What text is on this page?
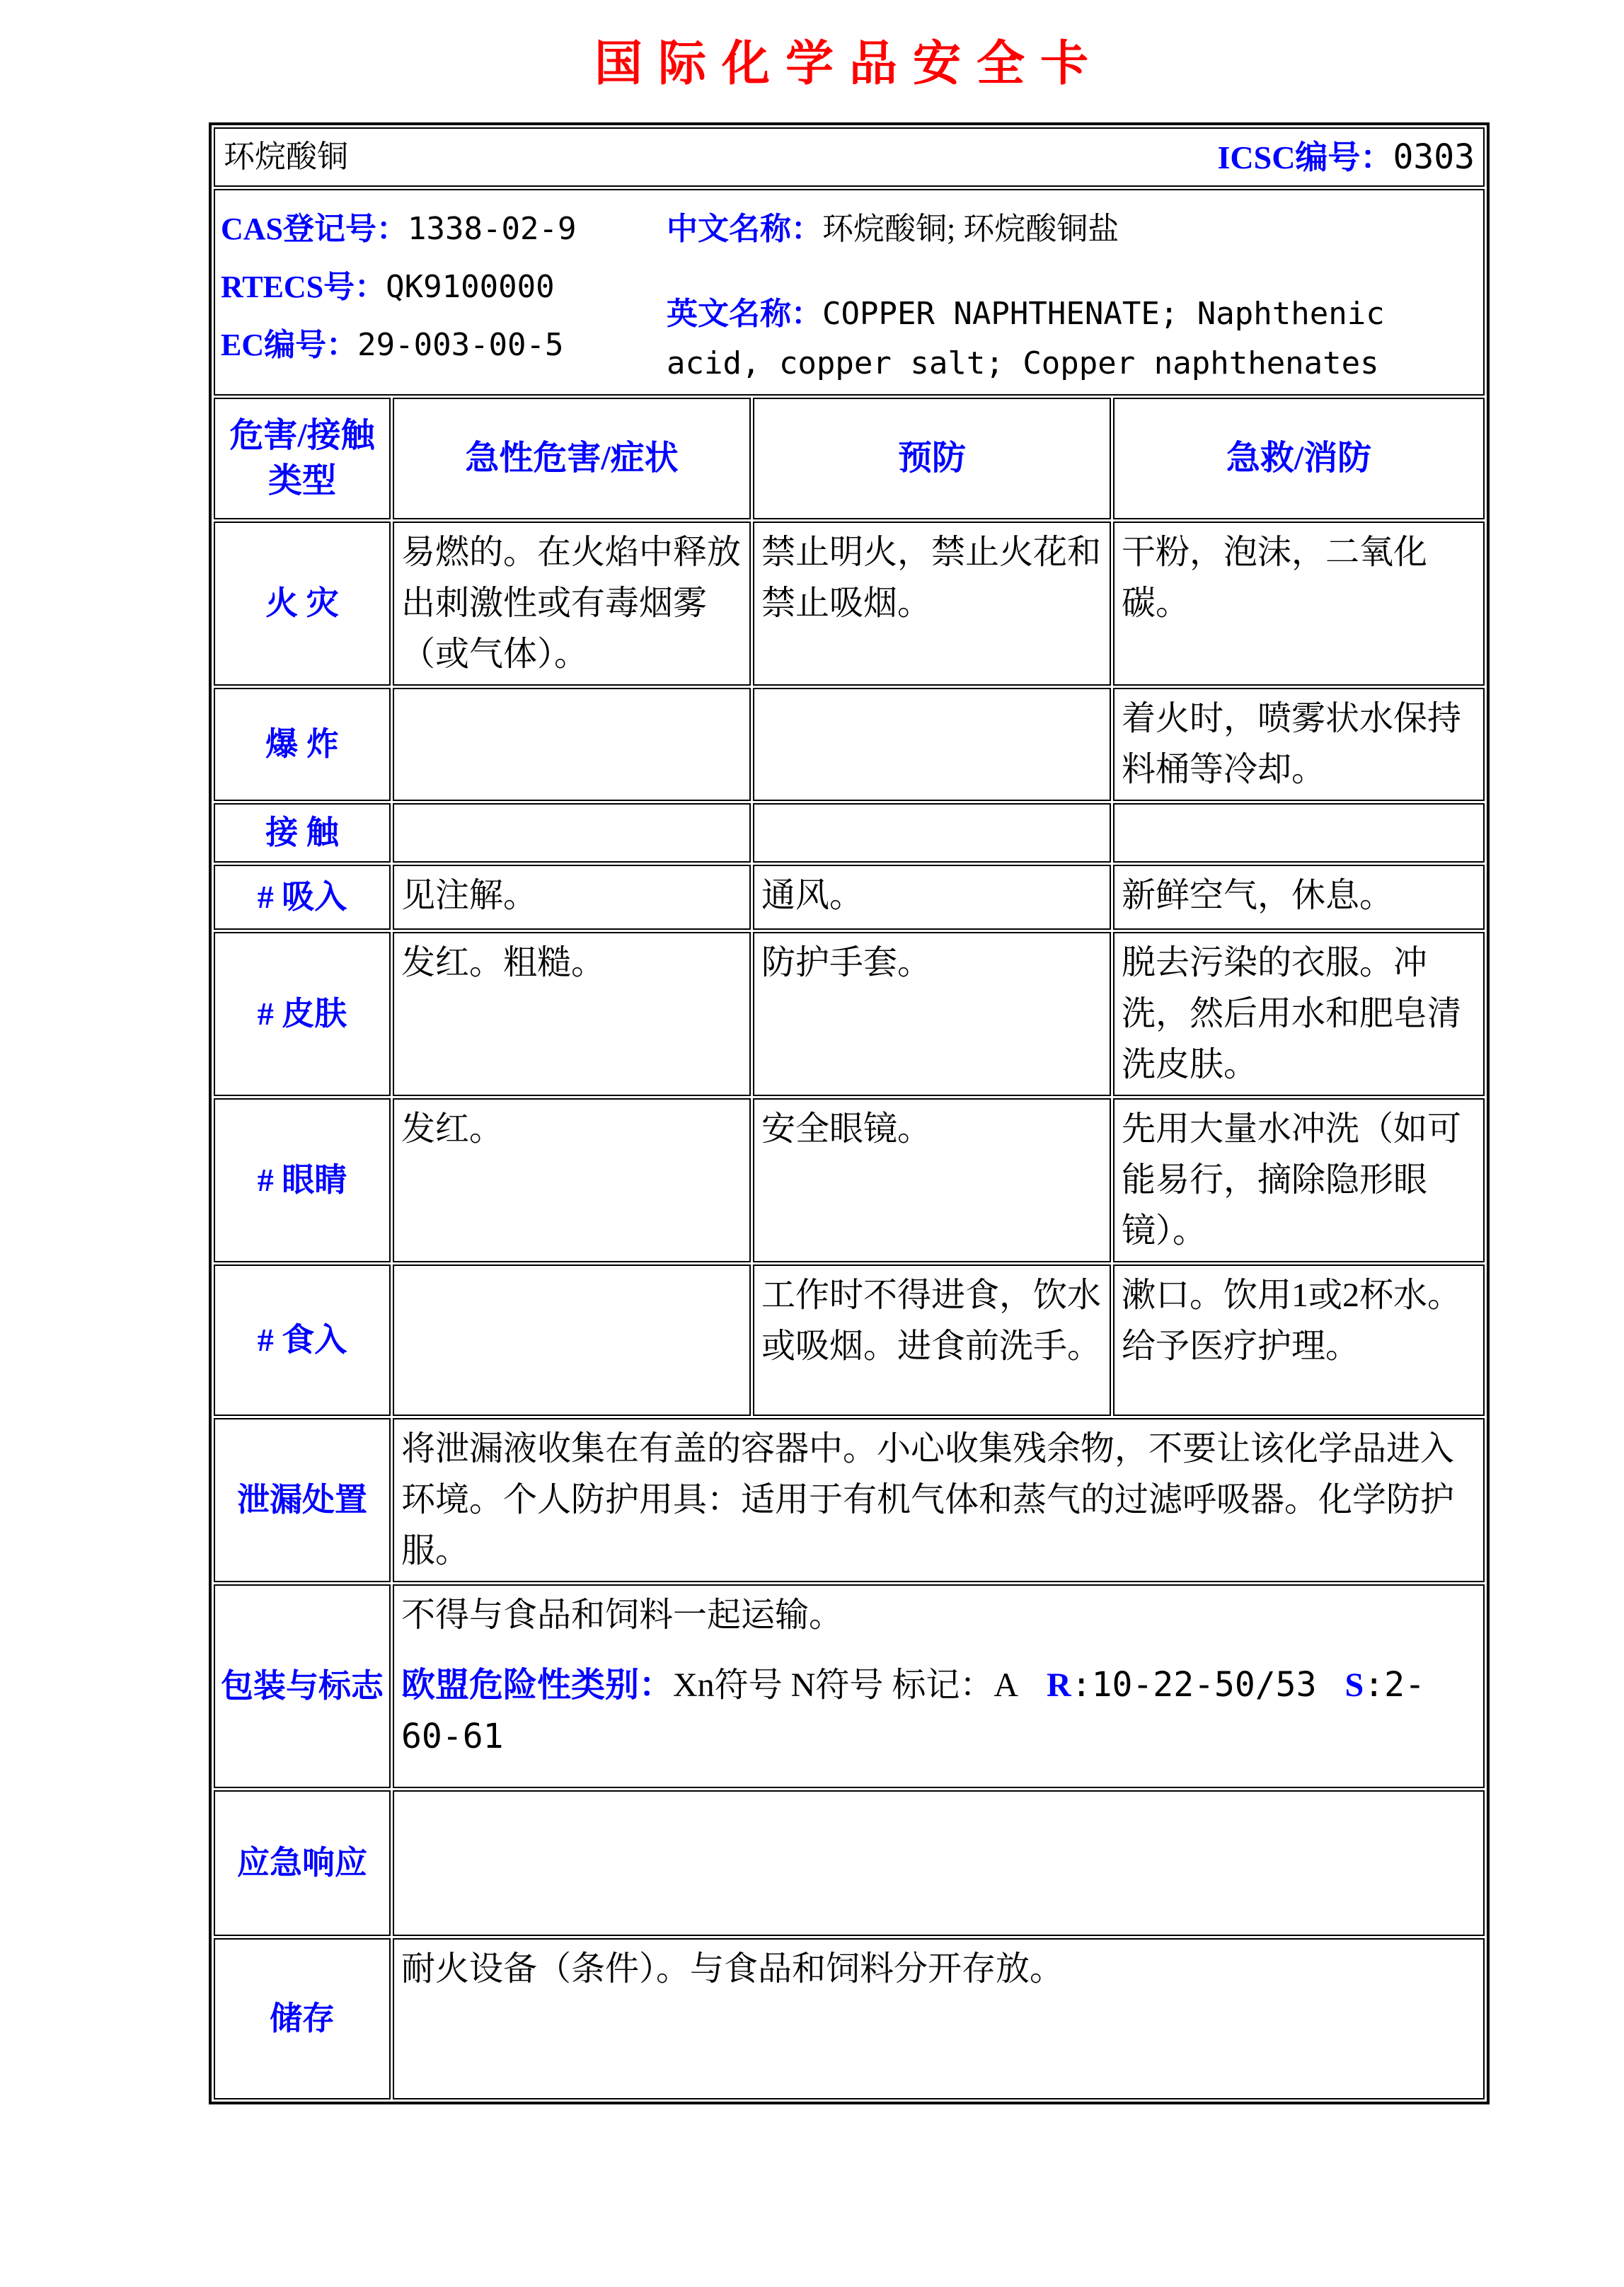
国际化学品安全卡
环烷酸铜 ICSC编号：0303			

CAS登记号：1338-02-9
RTECS号：QK9100000
EC编号：29-003-00-5
中文名称：环烷酸铜; 环烷酸铜盐
英文名称：COPPER NAPHTHENATE; Naphthenic acid, copper salt; Copper naphthenates			

危害/接触类型	急性危害/症状	预防	急救/消防
火 灾	易燃的。在火焰中释放出刺激性或有毒烟雾（或气体）。	禁止明火，禁止火花和禁止吸烟。	干粉，泡沫，二氧化碳。
爆 炸			着火时，喷雾状水保持料桶等冷却。
接 触			
# 吸入	见注解。	通风。	新鲜空气，休息。
# 皮肤	发红。粗糙。	防护手套。	脱去污染的衣服。冲洗，然后用水和肥皂清洗皮肤。
# 眼睛	发红。	安全眼镜。	先用大量水冲洗（如可能易行，摘除隐形眼镜）。
# 食入		工作时不得进食，饮水或吸烟。进食前洗手。	漱口。饮用1或2杯水。给予医疗护理。
泄漏处置	将泄漏液收集在有盖的容器中。小心收集残余物，不要让该化学品进入环境。个人防护用具：适用于有机气体和蒸气的过滤呼吸器。化学防护服。		
包装与标志	不得与食品和饲料一起运输。
欧盟危险性类别：Xn符号 N符号 标记：A R:10-22-50/53 S:2-60-61		

应急响应			
储存	耐火设备（条件）。与食品和饲料分开存放。		
